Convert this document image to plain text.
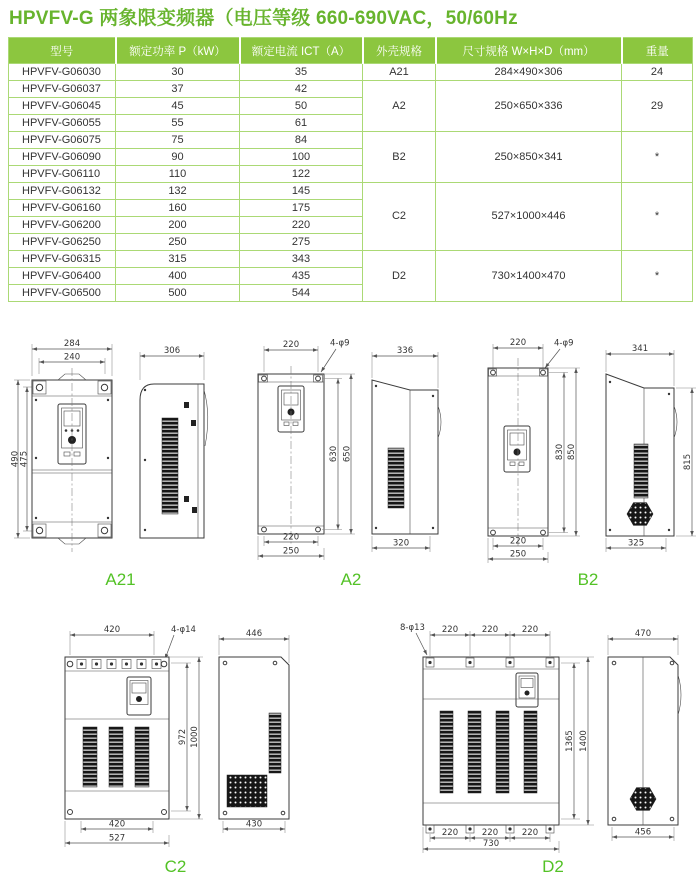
HPVFV-G 两象限变频器（电压等级 660-690VAC，50/60Hz
型号	额定功率 P（kW）	额定电流 ICT（A）	外壳规格	尺寸规格 W×H×D（mm）	重量
HPVFV-G06030	30	35	A21	284×490×306	24
HPVFV-G06037	37	42	A2	250×650×336	29
HPVFV-G06045	45	50			
HPVFV-G06055	55	61			
HPVFV-G06075	75	84	B2	250×850×341	*
HPVFV-G06090	90	100			
HPVFV-G06110	110	122			
HPVFV-G06132	132	145	C2	527×1000×446	*
HPVFV-G06160	160	175			
HPVFV-G06200	200	220			
HPVFV-G06250	250	275			
HPVFV-G06315	315	343	D2	730×1400×470	*
HPVFV-G06400	400	435			
HPVFV-G06500	500	544			
284
240
490 475
306
A21
220	4-φ9
630 650
220
250
336
320
A2
220	4-φ9
830 850
220
250
341
815
325
B2
420	4-φ14
972 1000
420
527
446
430
C2
8-φ13 220	220	220
1365 1400
220	220	220
730
470
456
D2
